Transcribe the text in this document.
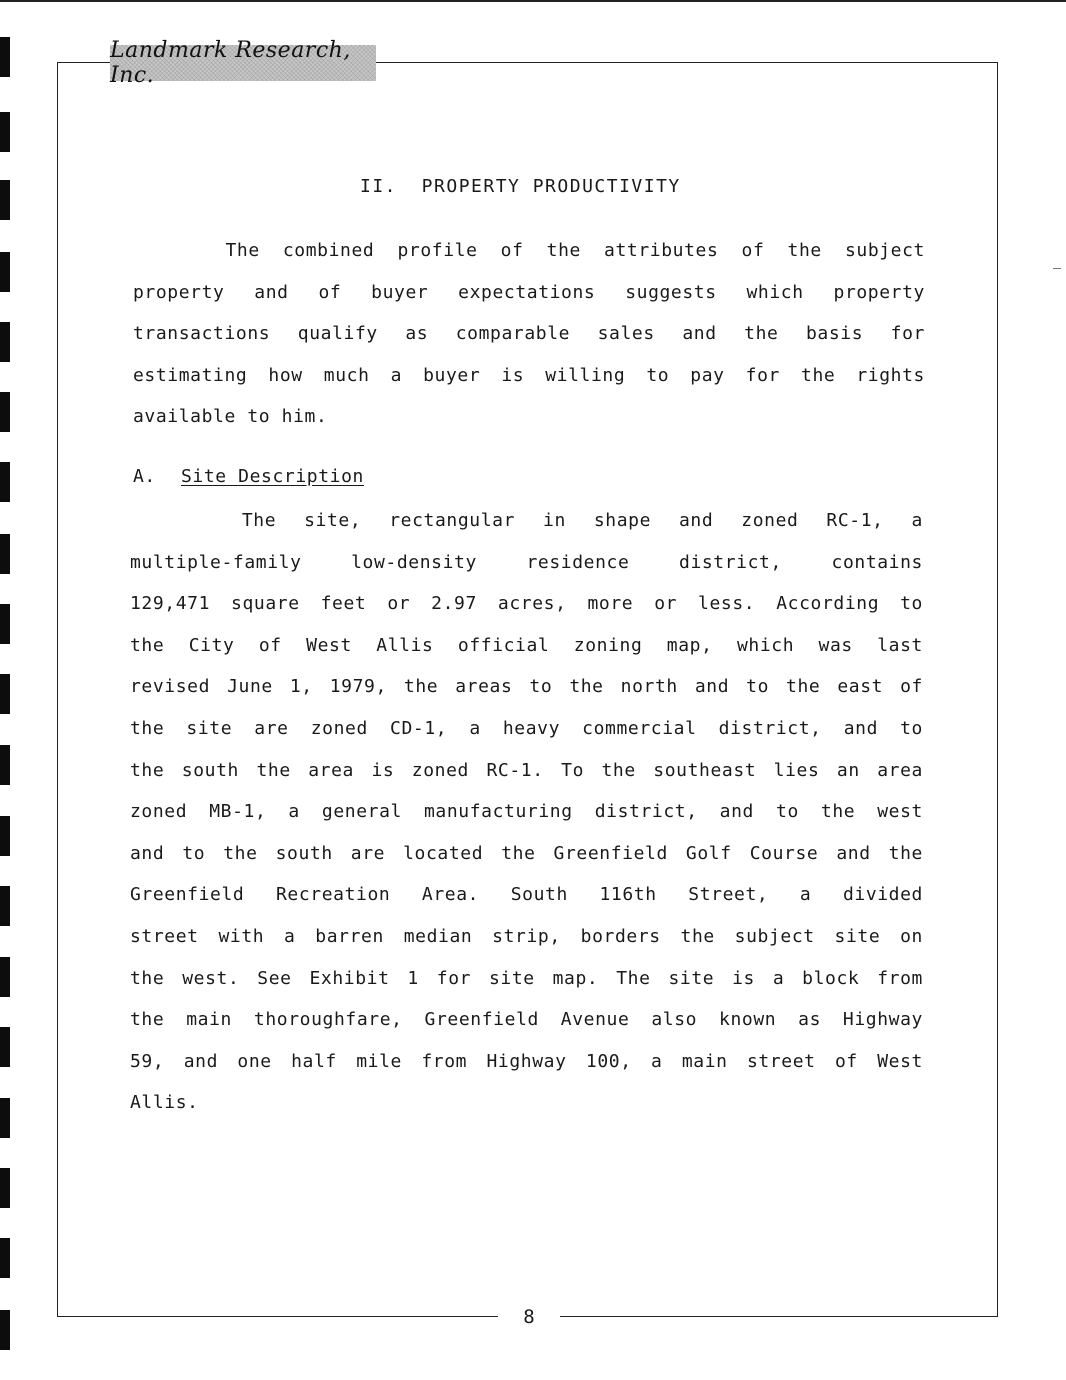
Landmark Research, Inc.
II.  PROPERTY PRODUCTIVITY
The combined profile of the attributes of the subject
property and of buyer expectations suggests which property
transactions qualify as comparable sales and the basis for
estimating how much a buyer is willing to pay for the rights
available to him.
A. Site Description
The site, rectangular in shape and zoned RC-1, a
multiple-family low-density residence district, contains
129,471 square feet or 2.97 acres, more or less. According to
the City of West Allis official zoning map, which was last
revised June 1, 1979, the areas to the north and to the east of
the site are zoned CD-1, a heavy commercial district, and to
the south the area is zoned RC-1. To the southeast lies an area
zoned MB-1, a general manufacturing district, and to the west
and to the south are located the Greenfield Golf Course and the
Greenfield Recreation Area. South 116th Street, a divided
street with a barren median strip, borders the subject site on
the west. See Exhibit 1 for site map. The site is a block from
the main thoroughfare, Greenfield Avenue also known as Highway
59, and one half mile from Highway 100, a main street of West
Allis.
8
